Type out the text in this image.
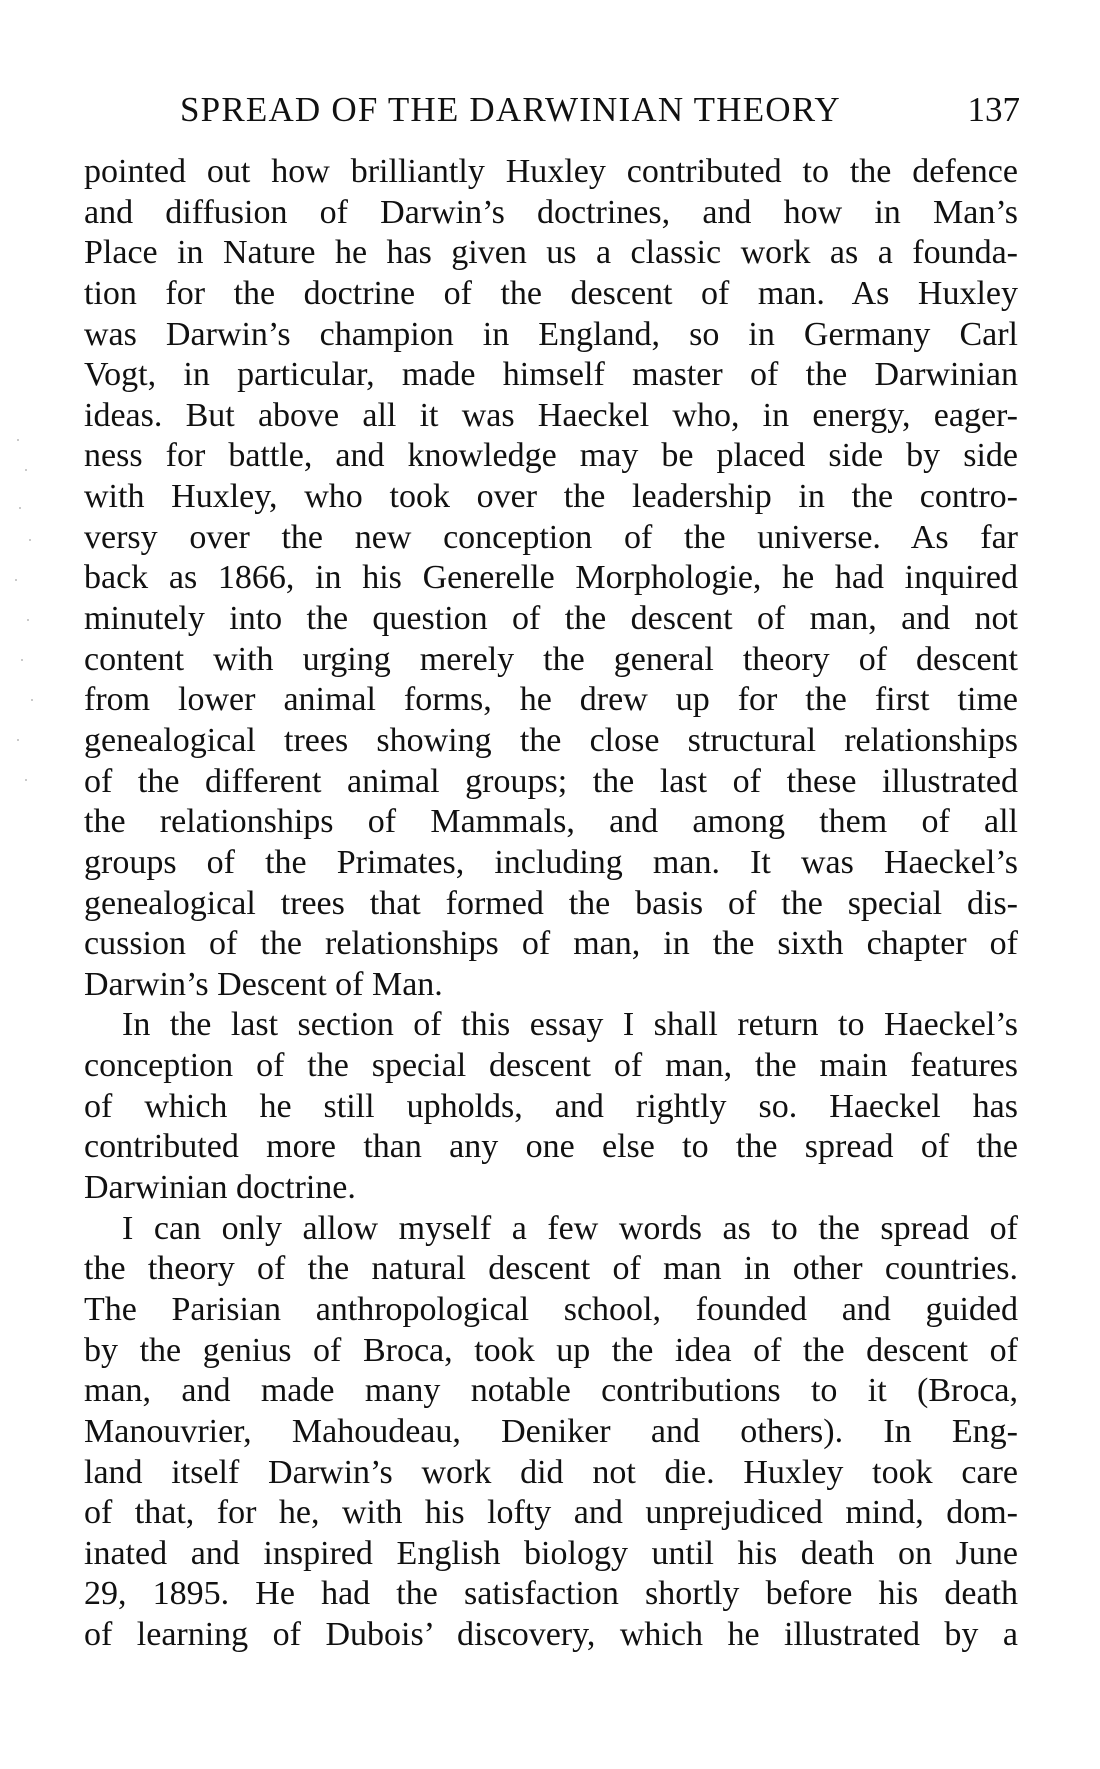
SPREAD OF THE DARWINIAN THEORY	137
pointed out how brilliantly Huxley contributed to the defence
and diffusion of Darwin’s doctrines, and how in Man’s
Place in Nature he has given us a classic work as a founda-
tion for the doctrine of the descent of man. As Huxley
was Darwin’s champion in England, so in Germany Carl
Vogt, in particular, made himself master of the Darwinian
ideas. But above all it was Haeckel who, in energy, eager-
ness for battle, and knowledge may be placed side by side
with Huxley, who took over the leadership in the contro-
versy over the new conception of the universe. As far
back as 1866, in his Generelle Morphologie, he had inquired
minutely into the question of the descent of man, and not
content with urging merely the general theory of descent
from lower animal forms, he drew up for the first time
genealogical trees showing the close structural relationships
of the different animal groups; the last of these illustrated
the relationships of Mammals, and among them of all
groups of the Primates, including man. It was Haeckel’s
genealogical trees that formed the basis of the special dis-
cussion of the relationships of man, in the sixth chapter of
Darwin’s Descent of Man.
In the last section of this essay I shall return to Haeckel’s
conception of the special descent of man, the main features
of which he still upholds, and rightly so. Haeckel has
contributed more than any one else to the spread of the
Darwinian doctrine.
I can only allow myself a few words as to the spread of
the theory of the natural descent of man in other countries.
The Parisian anthropological school, founded and guided
by the genius of Broca, took up the idea of the descent of
man, and made many notable contributions to it (Broca,
Manouvrier, Mahoudeau, Deniker and others). In Eng-
land itself Darwin’s work did not die. Huxley took care
of that, for he, with his lofty and unprejudiced mind, dom-
inated and inspired English biology until his death on June
29, 1895. He had the satisfaction shortly before his death
of learning of Dubois’ discovery, which he illustrated by a
